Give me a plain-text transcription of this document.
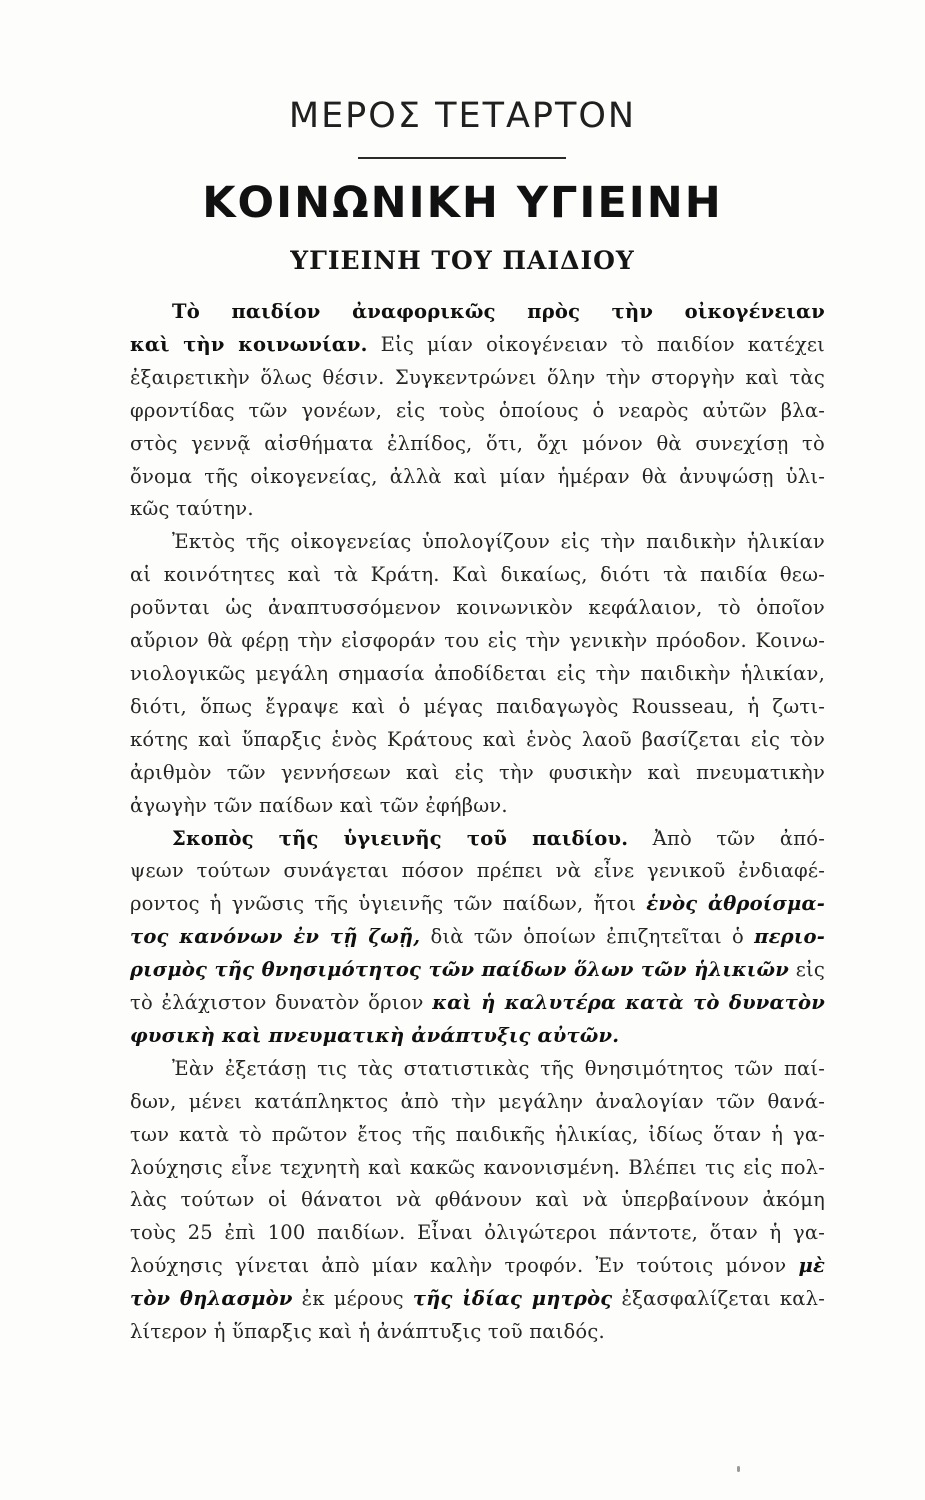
ΜΕΡΟΣ ΤΕΤΑΡΤΟΝ
ΚΟΙΝΩΝΙΚΗ ΥΓΙΕΙΝΗ
ΥΓΙΕΙΝΗ ΤΟΥ ΠΑΙΔΙΟΥ
Τὸ παιδίον ἀναφορικῶς πρὸς τὴν οἰκογένειαν
καὶ τὴν κοινωνίαν. Εἰς μίαν οἰκογένειαν τὸ παιδίον κατέχει
ἐξαιρετικὴν ὅλως θέσιν. Συγκεντρώνει ὅλην τὴν στοργὴν καὶ τὰς
φροντίδας τῶν γονέων, εἰς τοὺς ὁποίους ὁ νεαρὸς αὐτῶν βλα-
στὸς γεννᾷ αἰσθήματα ἐλπίδος, ὅτι, ὄχι μόνον θὰ συνεχίσῃ τὸ
ὄνομα τῆς οἰκογενείας, ἀλλὰ καὶ μίαν ἡμέραν θὰ ἀνυψώσῃ ὑλι-
κῶς ταύτην.
Ἐκτὸς τῆς οἰκογενείας ὑπολογίζουν εἰς τὴν παιδικὴν ἡλικίαν
αἱ κοινότητες καὶ τὰ Κράτη. Καὶ δικαίως, διότι τὰ παιδία θεω-
ροῦνται ὡς ἀναπτυσσόμενον κοινωνικὸν κεφάλαιον, τὸ ὁποῖον
αὔριον θὰ φέρῃ τὴν εἰσφοράν του εἰς τὴν γενικὴν πρόοδον. Κοινω-
νιολογικῶς μεγάλη σημασία ἀποδίδεται εἰς τὴν παιδικὴν ἡλικίαν,
διότι, ὅπως ἔγραψε καὶ ὁ μέγας παιδαγωγὸς Rousseau, ἡ ζωτι-
κότης καὶ ὕπαρξις ἑνὸς Κράτους καὶ ἑνὸς λαοῦ βασίζεται εἰς τὸν
ἀριθμὸν τῶν γεννήσεων καὶ εἰς τὴν φυσικὴν καὶ πνευματικὴν
ἀγωγὴν τῶν παίδων καὶ τῶν ἐφήβων.
Σκοπὸς τῆς ὑγιεινῆς τοῦ παιδίου. Ἀπὸ τῶν ἀπό-
ψεων τούτων συνάγεται πόσον πρέπει νὰ εἶνε γενικοῦ ἐνδιαφέ-
ροντος ἡ γνῶσις τῆς ὑγιεινῆς τῶν παίδων, ἤτοι ἑνὸς ἀθροίσμα-
τος κανόνων ἐν τῇ ζωῇ, διὰ τῶν ὁποίων ἐπιζητεῖται ὁ περιο-
ρισμὸς τῆς θνησιμότητος τῶν παίδων ὅλων τῶν ἡλικιῶν εἰς
τὸ ἐλάχιστον δυνατὸν ὅριον καὶ ἡ καλυτέρα κατὰ τὸ δυνατὸν
φυσικὴ καὶ πνευματικὴ ἀνάπτυξις αὐτῶν.
Ἐὰν ἐξετάσῃ τις τὰς στατιστικὰς τῆς θνησιμότητος τῶν παί-
δων, μένει κατάπληκτος ἀπὸ τὴν μεγάλην ἀναλογίαν τῶν θανά-
των κατὰ τὸ πρῶτον ἔτος τῆς παιδικῆς ἡλικίας, ἰδίως ὅταν ἡ γα-
λούχησις εἶνε τεχνητὴ καὶ κακῶς κανονισμένη. Βλέπει τις εἰς πολ-
λὰς τούτων οἱ θάνατοι νὰ φθάνουν καὶ νὰ ὑπερβαίνουν ἀκόμη
τοὺς 25 ἐπὶ 100 παιδίων. Εἶναι ὀλιγώτεροι πάντοτε, ὅταν ἡ γα-
λούχησις γίνεται ἀπὸ μίαν καλὴν τροφόν. Ἐν τούτοις μόνον μὲ
τὸν θηλασμὸν ἐκ μέρους τῆς ἰδίας μητρὸς ἐξασφαλίζεται καλ-
λίτερον ἡ ὕπαρξις καὶ ἡ ἀνάπτυξις τοῦ παιδός.
